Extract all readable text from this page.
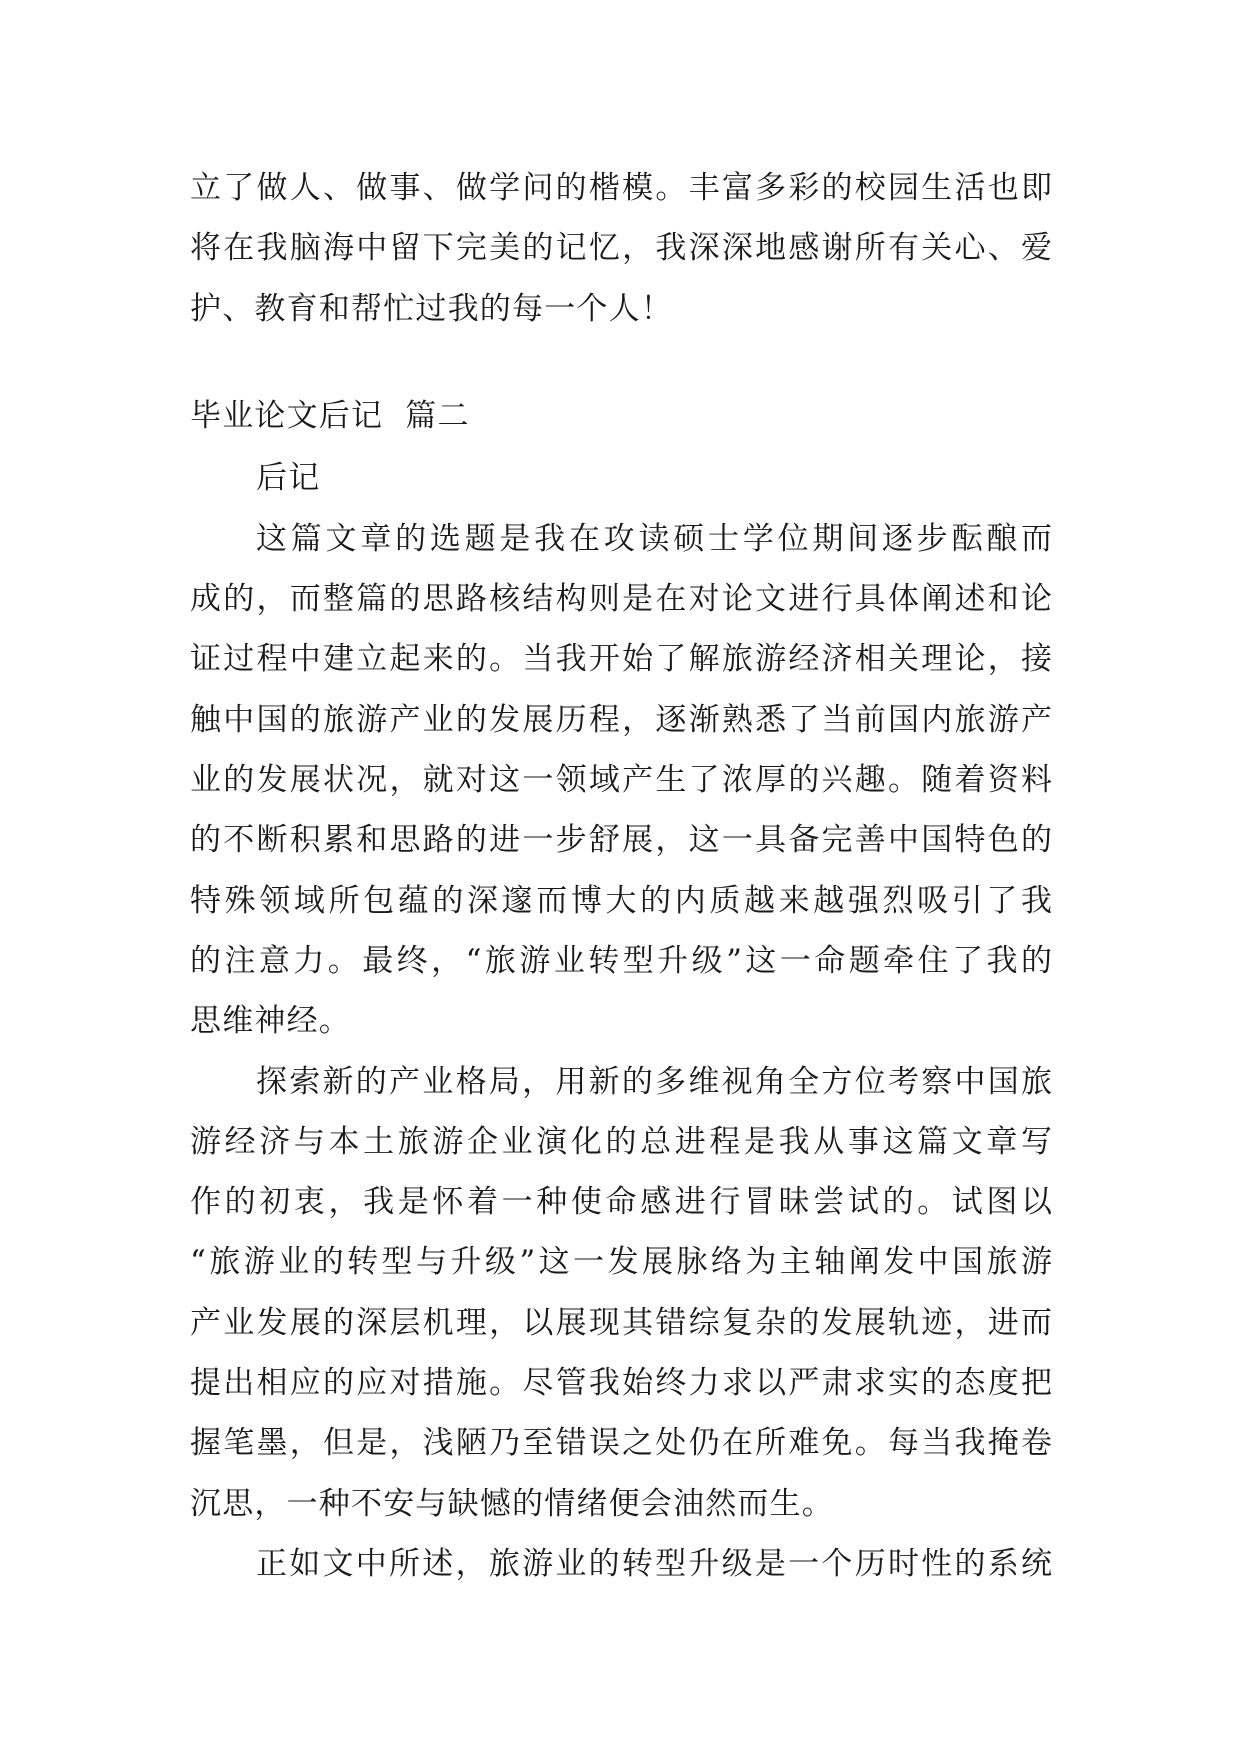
立了做人、做事、做学问的楷模。丰富多彩的校园生活也即
将在我脑海中留下完美的记忆，我深深地感谢所有关心、爱
护、教育和帮忙过我的每一个人！
毕业论文后记  篇二
后记
这篇文章的选题是我在攻读硕士学位期间逐步酝酿而
成的，而整篇的思路核结构则是在对论文进行具体阐述和论
证过程中建立起来的。当我开始了解旅游经济相关理论，接
触中国的旅游产业的发展历程，逐渐熟悉了当前国内旅游产
业的发展状况，就对这一领域产生了浓厚的兴趣。随着资料
的不断积累和思路的进一步舒展，这一具备完善中国特色的
特殊领域所包蕴的深邃而博大的内质越来越强烈吸引了我
的注意力。最终，“旅游业转型升级”这一命题牵住了我的
思维神经。
探索新的产业格局，用新的多维视角全方位考察中国旅
游经济与本土旅游企业演化的总进程是我从事这篇文章写
作的初衷，我是怀着一种使命感进行冒昧尝试的。试图以
“旅游业的转型与升级”这一发展脉络为主轴阐发中国旅游
产业发展的深层机理，以展现其错综复杂的发展轨迹，进而
提出相应的应对措施。尽管我始终力求以严肃求实的态度把
握笔墨，但是，浅陋乃至错误之处仍在所难免。每当我掩卷
沉思，一种不安与缺憾的情绪便会油然而生。
正如文中所述，旅游业的转型升级是一个历时性的系统
